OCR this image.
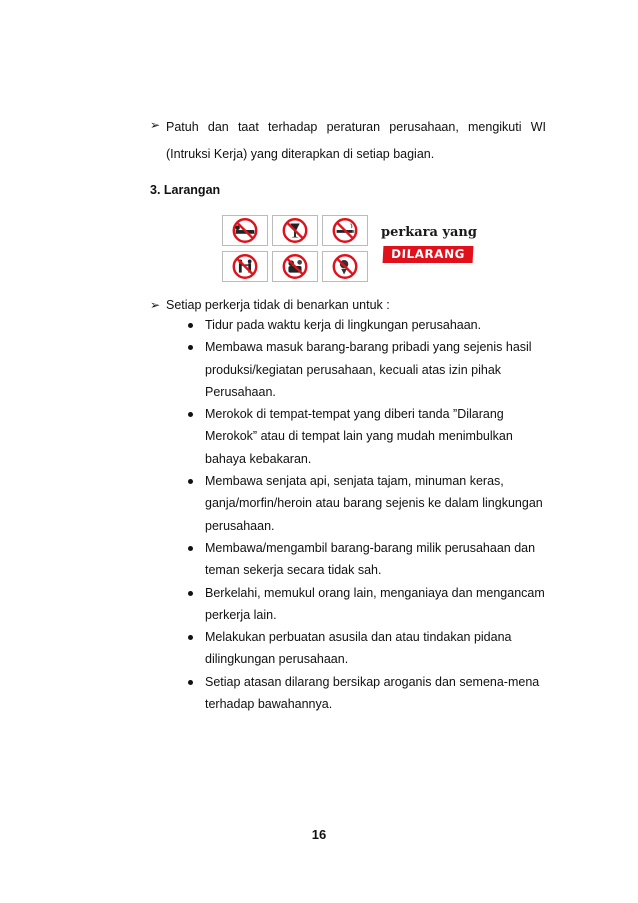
➢ Patuh dan taat terhadap peraturan perusahaan, mengikuti WI (Intruksi Kerja) yang diterapkan di setiap bagian.
3. Larangan
perkara yang
DILARANG
➢ Setiap perkerja tidak di benarkan untuk :
Tidur pada waktu kerja di lingkungan perusahaan.
Membawa masuk barang-barang pribadi yang sejenis hasil produksi/kegiatan perusahaan, kecuali atas izin pihak Perusahaan.
Merokok di tempat-tempat yang diberi tanda ”Dilarang Merokok” atau di tempat lain yang mudah menimbulkan bahaya kebakaran.
Membawa senjata api, senjata tajam, minuman keras, ganja/morfin/heroin atau barang sejenis ke dalam lingkungan perusahaan.
Membawa/mengambil barang-barang milik perusahaan dan teman sekerja secara tidak sah.
Berkelahi, memukul orang lain, menganiaya dan mengancam perkerja lain.
Melakukan perbuatan asusila dan atau tindakan pidana dilingkungan perusahaan.
Setiap atasan dilarang bersikap aroganis dan semena-mena terhadap bawahannya.
16
